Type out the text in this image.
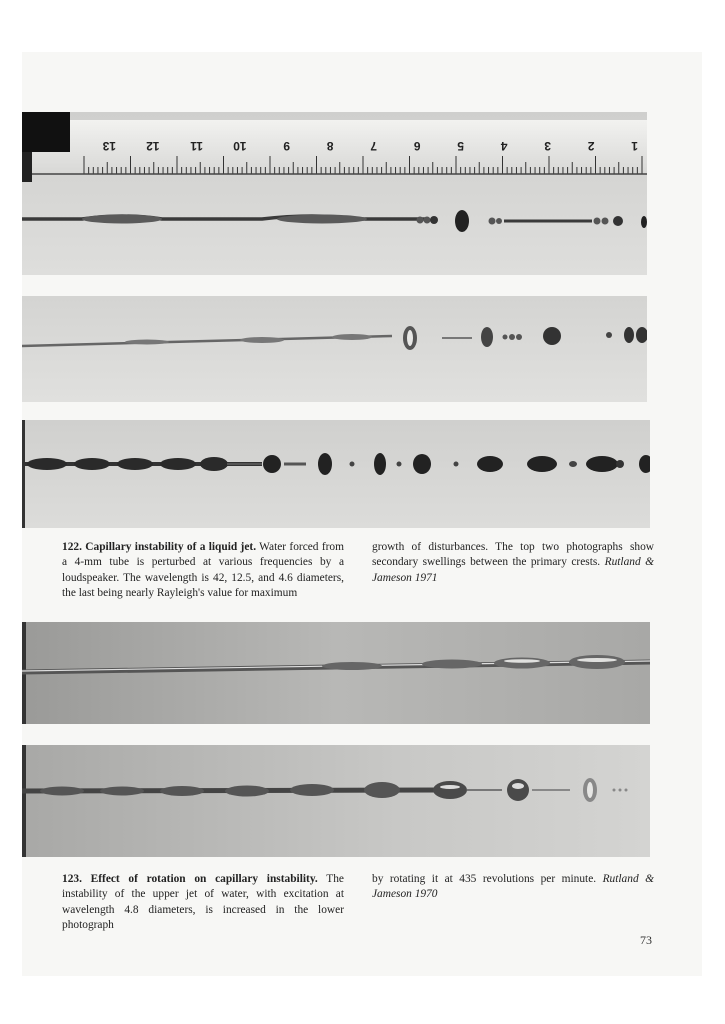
13	12	11	10	9	8	7	6	5	4	3	2	1
122. Capillary instability of a liquid jet. Water forced from a 4-mm tube is perturbed at various frequencies by a loudspeaker. The wavelength is 42, 12.5, and 4.6 diameters, the last being nearly Rayleigh's value for maximum
growth of disturbances. The top two photographs show secondary swellings between the primary crests. Rutland & Jameson 1971
123. Effect of rotation on capillary instability. The instability of the upper jet of water, with excitation at wavelength 4.8 diameters, is increased in the lower photograph
by rotating it at 435 revolutions per minute. Rutland & Jameson 1970
73
